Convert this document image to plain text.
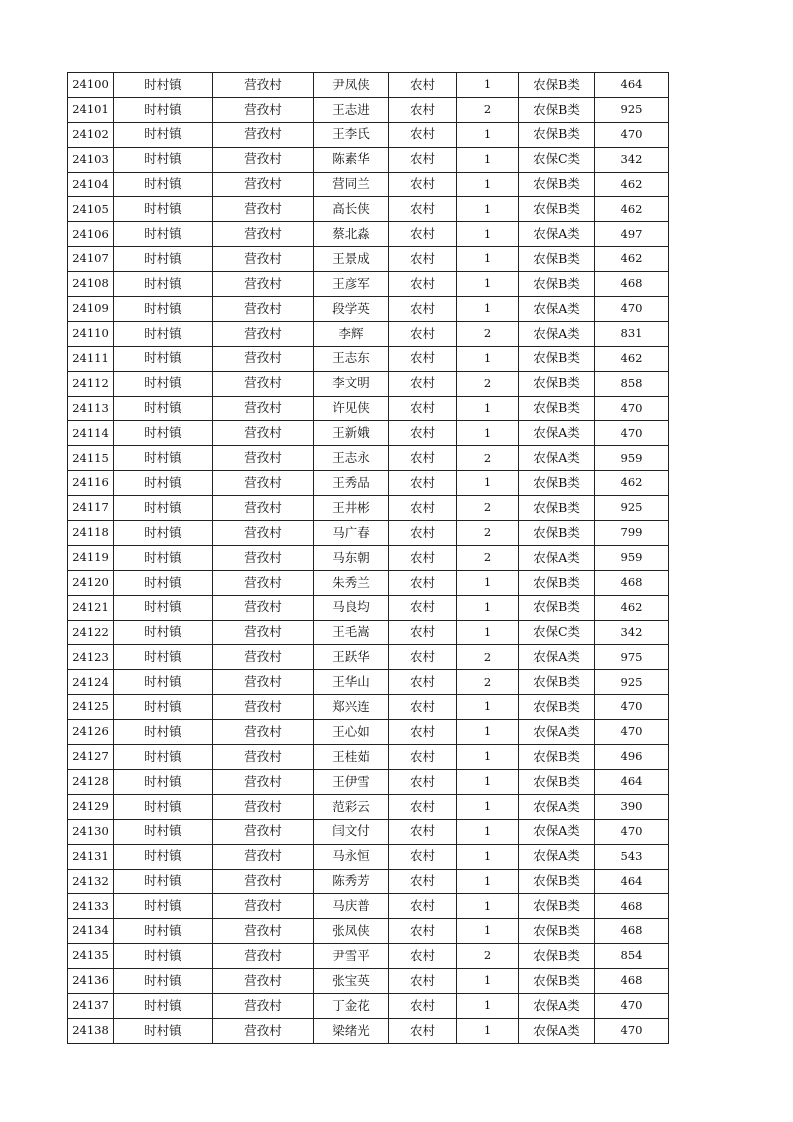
24100	时村镇	营孜村	尹凤侠	农村	1	农保B类	464
24101	时村镇	营孜村	王志进	农村	2	农保B类	925
24102	时村镇	营孜村	王李氏	农村	1	农保B类	470
24103	时村镇	营孜村	陈素华	农村	1	农保C类	342
24104	时村镇	营孜村	营同兰	农村	1	农保B类	462
24105	时村镇	营孜村	高长侠	农村	1	农保B类	462
24106	时村镇	营孜村	蔡北淼	农村	1	农保A类	497
24107	时村镇	营孜村	王景成	农村	1	农保B类	462
24108	时村镇	营孜村	王彦军	农村	1	农保B类	468
24109	时村镇	营孜村	段学英	农村	1	农保A类	470
24110	时村镇	营孜村	李辉	农村	2	农保A类	831
24111	时村镇	营孜村	王志东	农村	1	农保B类	462
24112	时村镇	营孜村	李文明	农村	2	农保B类	858
24113	时村镇	营孜村	许见侠	农村	1	农保B类	470
24114	时村镇	营孜村	王新娥	农村	1	农保A类	470
24115	时村镇	营孜村	王志永	农村	2	农保A类	959
24116	时村镇	营孜村	王秀品	农村	1	农保B类	462
24117	时村镇	营孜村	王井彬	农村	2	农保B类	925
24118	时村镇	营孜村	马广春	农村	2	农保B类	799
24119	时村镇	营孜村	马东朝	农村	2	农保A类	959
24120	时村镇	营孜村	朱秀兰	农村	1	农保B类	468
24121	时村镇	营孜村	马良均	农村	1	农保B类	462
24122	时村镇	营孜村	王毛嵩	农村	1	农保C类	342
24123	时村镇	营孜村	王跃华	农村	2	农保A类	975
24124	时村镇	营孜村	王华山	农村	2	农保B类	925
24125	时村镇	营孜村	郑兴连	农村	1	农保B类	470
24126	时村镇	营孜村	王心如	农村	1	农保A类	470
24127	时村镇	营孜村	王桂茹	农村	1	农保B类	496
24128	时村镇	营孜村	王伊雪	农村	1	农保B类	464
24129	时村镇	营孜村	范彩云	农村	1	农保A类	390
24130	时村镇	营孜村	闫文付	农村	1	农保A类	470
24131	时村镇	营孜村	马永恒	农村	1	农保A类	543
24132	时村镇	营孜村	陈秀芳	农村	1	农保B类	464
24133	时村镇	营孜村	马庆普	农村	1	农保B类	468
24134	时村镇	营孜村	张凤侠	农村	1	农保B类	468
24135	时村镇	营孜村	尹雪平	农村	2	农保B类	854
24136	时村镇	营孜村	张宝英	农村	1	农保B类	468
24137	时村镇	营孜村	丁金花	农村	1	农保A类	470
24138	时村镇	营孜村	梁绪光	农村	1	农保A类	470
